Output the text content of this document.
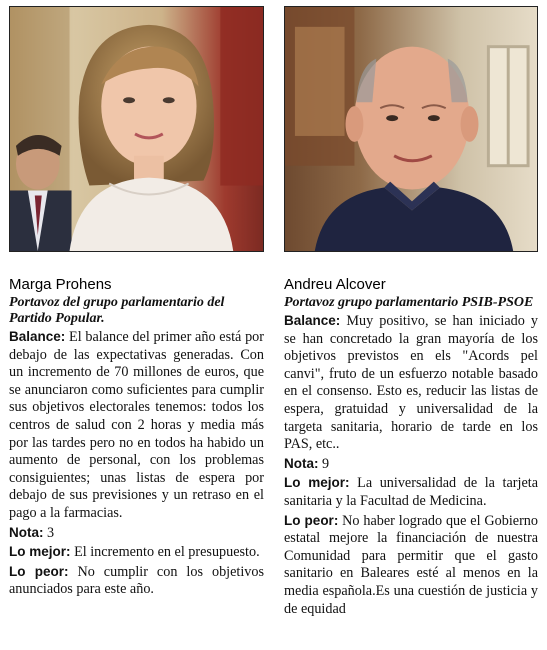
Marga Prohens
Portavoz del grupo parlamentario del Partido Popular.
Balance: El balance del primer año está por debajo de las expectativas generadas. Con un incremento de 70 millones de euros, que se anunciaron como suficientes para cumplir sus objetivos electorales tenemos: todos los centros de salud con 2 horas y media más por las tardes pero no en todos ha habido un aumento de personal, con los problemas consiguientes; unas listas de espera por debajo de sus previsiones y un retraso en el pago a la farmacias.
Nota: 3
Lo mejor: El incremento en el presupuesto.
Lo peor: No cumplir con los objetivos anunciados para este año.
Andreu Alcover
Portavoz grupo parlamentario PSIB-PSOE
Balance: Muy positivo, se han iniciado y se han concretado la gran mayoría de los objetivos previstos en els "Acords pel canvi", fruto de un esfuerzo notable basado en el consenso. Esto es, reducir las listas de espera, gratuidad y universalidad de la targeta sanitaria, horario de tarde en los PAS, etc..
Nota: 9
Lo mejor: La universalidad de la tarjeta sanitaria y la Facultad de Medicina.
Lo peor: No haber logrado que el Gobierno estatal mejore la financiación de nuestra Comunidad para permitir que el gasto sanitario en Baleares esté al menos en la media española.Es una cuestión de justicia y de equidad
